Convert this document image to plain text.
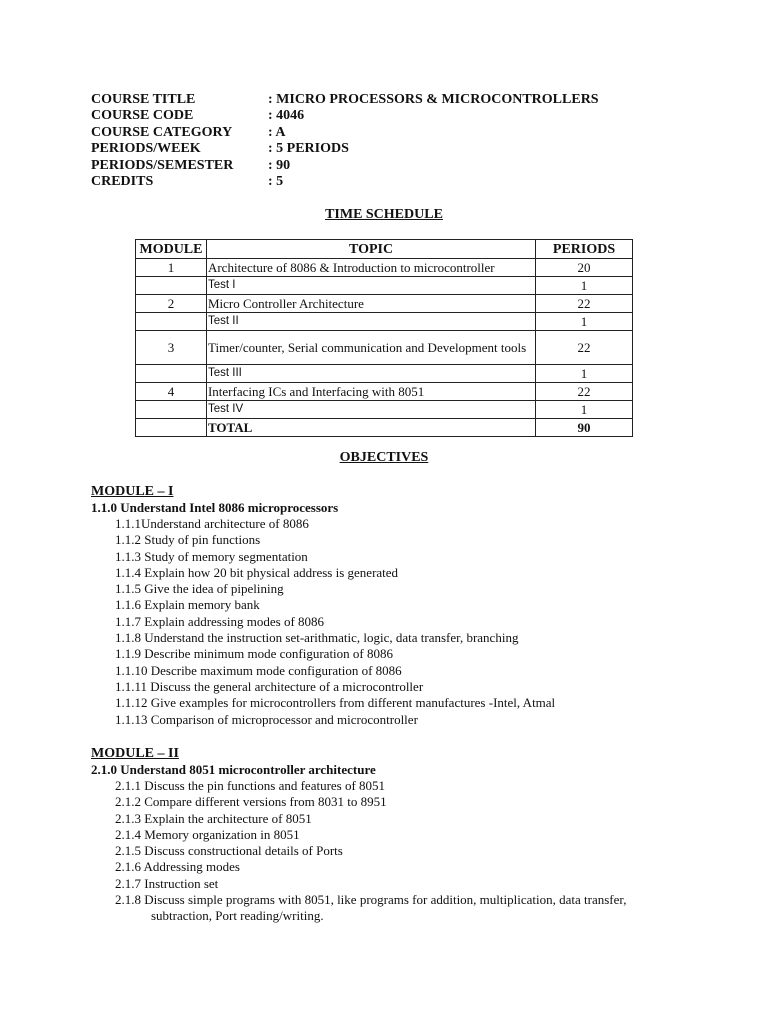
COURSE TITLE	: MICRO PROCESSORS & MICROCONTROLLERS
COURSE CODE	: 4046
COURSE CATEGORY	: A
PERIODS/WEEK	: 5 PERIODS
PERIODS/SEMESTER : 90
CREDITS	: 5
TIME SCHEDULE
MODULE	TOPIC	PERIODS
1	Architecture of 8086 & Introduction to microcontroller	20
	Test I	1
2	Micro Controller Architecture	22
	Test II	1
3	Timer/counter, Serial communication and Development tools	22
	Test III	1
4	Interfacing ICs and Interfacing with 8051	22
	Test IV	1
	TOTAL	90
OBJECTIVES
MODULE – I
1.1.0 Understand Intel 8086 microprocessors
1.1.1Understand architecture of 8086
1.1.2 Study of pin functions
1.1.3 Study of memory segmentation
1.1.4 Explain how 20 bit physical address is generated
1.1.5 Give the idea of pipelining
1.1.6 Explain memory bank
1.1.7 Explain addressing modes of 8086
1.1.8 Understand the instruction set-arithmatic, logic, data transfer, branching
1.1.9 Describe minimum mode configuration of 8086
1.1.10 Describe maximum mode configuration of 8086
1.1.11 Discuss the general architecture of a microcontroller
1.1.12 Give examples for microcontrollers from different manufactures -Intel, Atmal
1.1.13 Comparison of microprocessor and microcontroller
MODULE – II
2.1.0 Understand 8051 microcontroller architecture
2.1.1 Discuss the pin functions and features of 8051
2.1.2 Compare different versions from 8031 to 8951
2.1.3 Explain the architecture of 8051
2.1.4 Memory organization in 8051
2.1.5 Discuss constructional details of Ports
2.1.6 Addressing modes
2.1.7 Instruction set
2.1.8 Discuss simple programs with 8051, like programs for addition, multiplication, data transfer,
subtraction, Port reading/writing.
